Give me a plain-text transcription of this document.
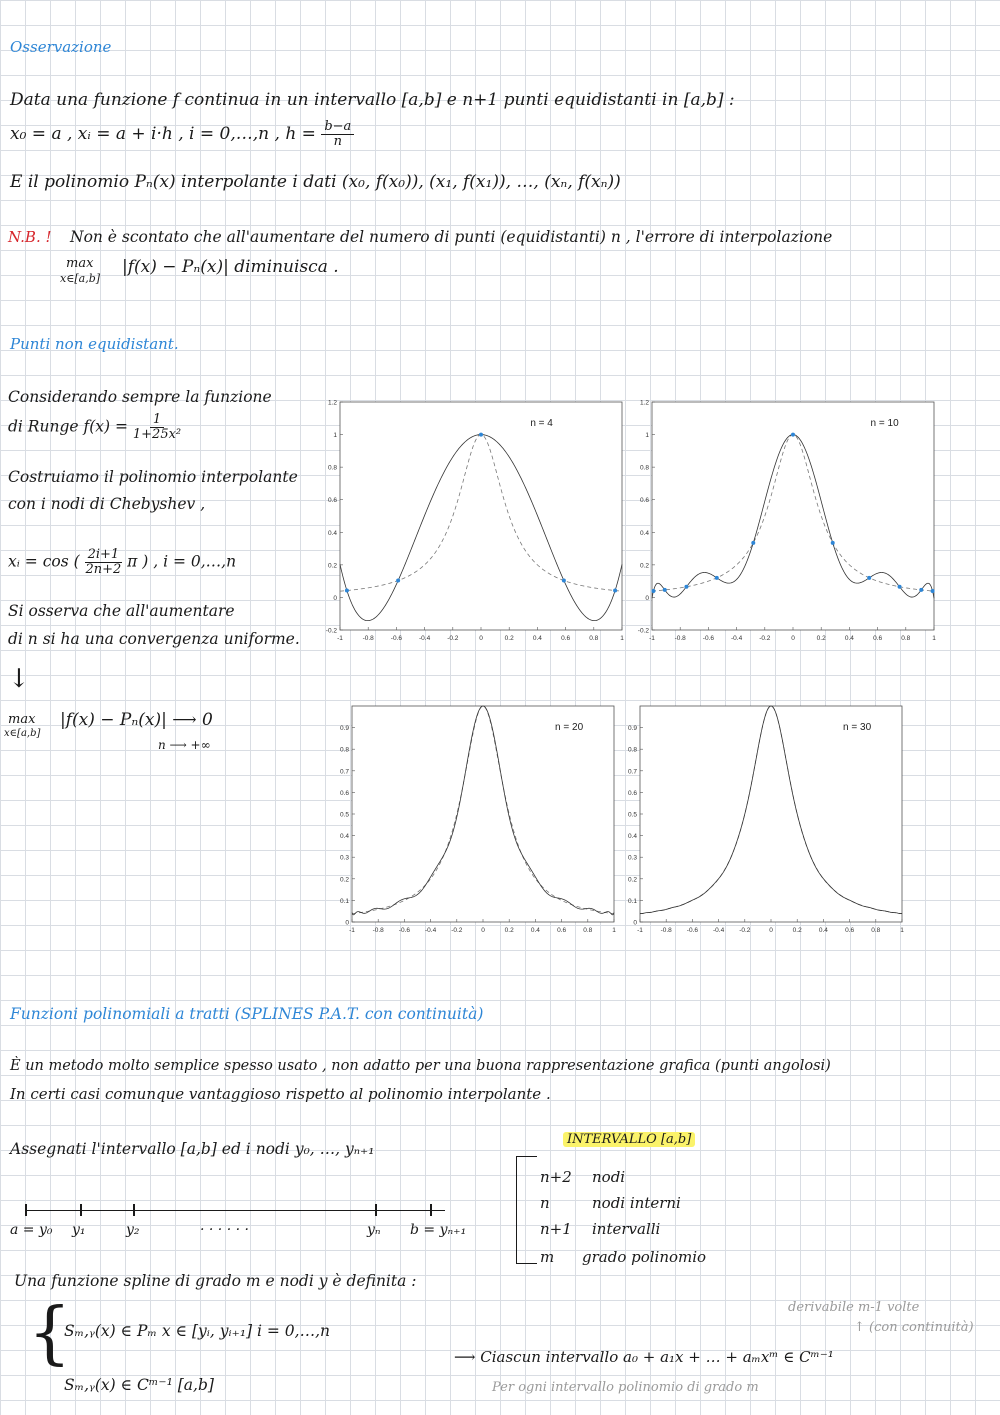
Osservazione
Data una funzione f continua in un intervallo [a,b] e n+1 punti equidistanti in [a,b] :
x₀ = a , xᵢ = a + i·h , i = 0,…,n , $h = \frac{b-a}{n}$
E il polinomio Pₙ(x) interpolante i dati (x₀, f(x₀)), (x₁, f(x₁)), …, (xₙ, f(xₙ))
N.B. ! Non è scontato che all'aumentare del numero di punti (equidistanti) n , l'errore di interpolazione
max
x∈[a,b]
|f(x) − Pₙ(x)| diminuisca .
Punti non equidistant.
Considerando sempre la funzione
di Runge $f(x) = \frac{1}{\text{1+25x²}}$
Costruiamo il polinomio interpolante
con i nodi di Chebyshev ,
xᵢ = cos ( $\frac{2i+1}{2n+2}$ π ) , i = 0,…,n
Si osserva che all'aumentare
di n si ha una convergenza uniforme.
↓
max
x∈[a,b]
|f(x) − Pₙ(x)| ⟶ 0
n ⟶ +∞
-1	-0.8	-0.6	-0.4	-0.2	0	0.2	0.4	0.6	0.8	1
-0.2
0
0.2
0.4
0.6
0.8
1
1.2
n = 4
-1	-0.8	-0.6	-0.4	-0.2	0	0.2	0.4	0.6	0.8	1
-0.2
0
0.2
0.4
0.6
0.8
1
1.2
n = 10
-1	-0.8 -0.6 -0.4 -0.2	0	0.2	0.4	0.6	0.8	1
0
0.1
0.2
0.3
0.4
0.5
0.6
0.7
0.8
0.9	n = 20
-1	-0.8 -0.6 -0.4 -0.2	0	0.2	0.4	0.6	0.8	1
0
0.1
0.2
0.3
0.4
0.5
0.6
0.7
0.8
0.9	n = 30
Funzioni polinomiali a tratti (SPLINES P.A.T. con continuità)
È un metodo molto semplice spesso usato , non adatto per una buona rappresentazione grafica (punti angolosi)
In certi casi comunque vantaggioso rispetto al polinomio interpolante .
Assegnati l'intervallo [a,b] ed i nodi y₀, …, yₙ₊₁
a = y₀ y₁	y₂	. . . . . .	yₙ b = yₙ₊₁
INTERVALLO [a,b]
n+2 nodi
n	nodi interni
n+1 intervalli
m grado polinomio
Una funzione spline di grado m e nodi y è definita :
{
Sₘ,ᵧ(x) ∈ Pₘ x ∈ [yᵢ, yᵢ₊₁] i = 0,…,n
Sₘ,ᵧ(x) ∈ Cᵐ⁻¹ [a,b]
derivabile m-1 volte
↑ (con continuità)
⟶ Ciascun intervallo a₀ + a₁x + … + aₘxᵐ ∈ Cᵐ⁻¹
Per ogni intervallo polinomio di grado m
